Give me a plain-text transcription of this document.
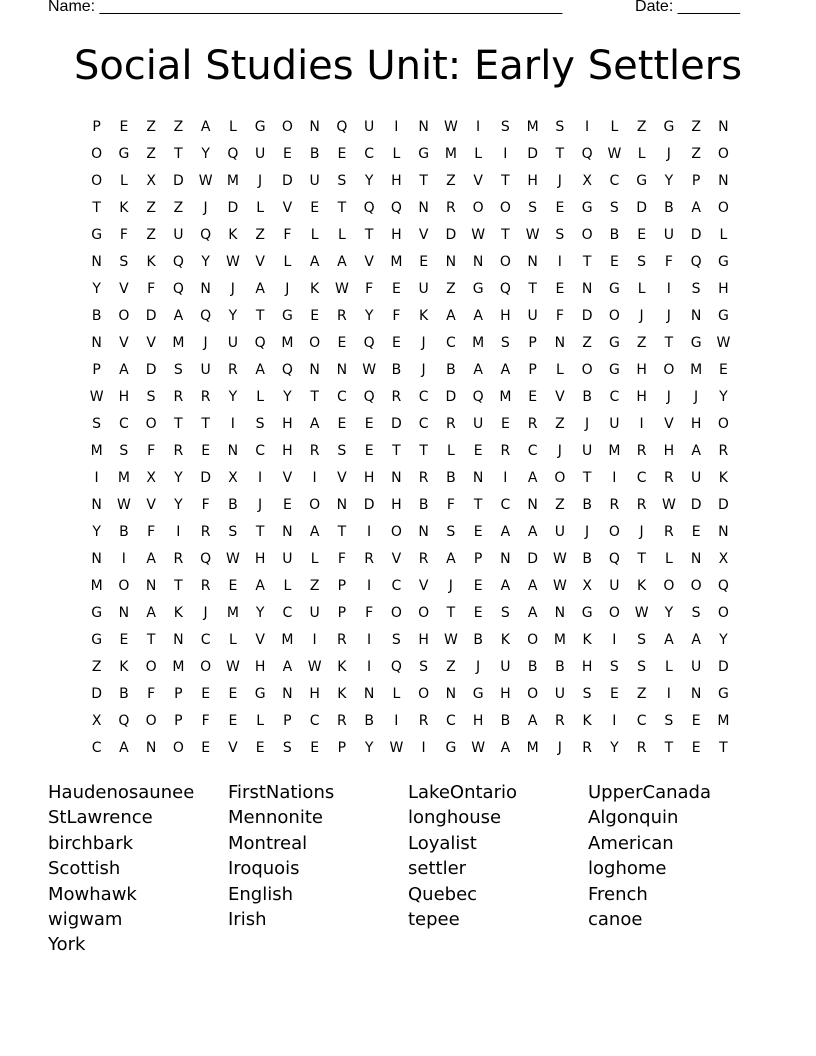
Name: ____________________________________________________	Date: _______
Social Studies Unit: Early Settlers
P	E	Z	Z	A	L	G	O	N	Q	U	I	N	W	I	S	M	S	I	L	Z	G	Z	N
O	G	Z	T	Y	Q	U	E	B	E	C	L	G	M	L	I	D	T	Q	W	L	J	Z	O
O	L	X	D	W	M	J	D	U	S	Y	H	T	Z	V	T	H	J	X	C	G	Y	P	N
T	K	Z	Z	J	D	L	V	E	T	Q	Q	N	R	O	O	S	E	G	S	D	B	A	O
G	F	Z	U	Q	K	Z	F	L	L	T	H	V	D	W	T	W	S	O	B	E	U	D	L
N	S	K	Q	Y	W	V	L	A	A	V	M	E	N	N	O	N	I	T	E	S	F	Q	G
Y	V	F	Q	N	J	A	J	K	W	F	E	U	Z	G	Q	T	E	N	G	L	I	S	H
B	O	D	A	Q	Y	T	G	E	R	Y	F	K	A	A	H	U	F	D	O	J	J	N	G
N	V	V	M	J	U	Q	M	O	E	Q	E	J	C	M	S	P	N	Z	G	Z	T	G	W
P	A	D	S	U	R	A	Q	N	N	W	B	J	B	A	A	P	L	O	G	H	O	M	E
W	H	S	R	R	Y	L	Y	T	C	Q	R	C	D	Q	M	E	V	B	C	H	J	J	Y
S	C	O	T	T	I	S	H	A	E	E	D	C	R	U	E	R	Z	J	U	I	V	H	O
M	S	F	R	E	N	C	H	R	S	E	T	T	L	E	R	C	J	U	M	R	H	A	R
I	M	X	Y	D	X	I	V	I	V	H	N	R	B	N	I	A	O	T	I	C	R	U	K
N	W	V	Y	F	B	J	E	O	N	D	H	B	F	T	C	N	Z	B	R	R	W	D	D
Y	B	F	I	R	S	T	N	A	T	I	O	N	S	E	A	A	U	J	O	J	R	E	N
N	I	A	R	Q	W	H	U	L	F	R	V	R	A	P	N	D	W	B	Q	T	L	N	X
M	O	N	T	R	E	A	L	Z	P	I	C	V	J	E	A	A	W	X	U	K	O	O	Q
G	N	A	K	J	M	Y	C	U	P	F	O	O	T	E	S	A	N	G	O	W	Y	S	O
G	E	T	N	C	L	V	M	I	R	I	S	H	W	B	K	O	M	K	I	S	A	A	Y
Z	K	O	M	O	W	H	A	W	K	I	Q	S	Z	J	U	B	B	H	S	S	L	U	D
D	B	F	P	E	E	G	N	H	K	N	L	O	N	G	H	O	U	S	E	Z	I	N	G
X	Q	O	P	F	E	L	P	C	R	B	I	R	C	H	B	A	R	K	I	C	S	E	M
C	A	N	O	E	V	E	S	E	P	Y	W	I	G	W	A	M	J	R	Y	R	T	E	T
Haudenosaunee	FirstNations	LakeOntario	UpperCanada
StLawrence	Mennonite	longhouse	Algonquin
birchbark	Montreal	Loyalist	American
Scottish	Iroquois	settler	loghome
Mowhawk	English	Quebec	French
wigwam	Irish	tepee	canoe
York
